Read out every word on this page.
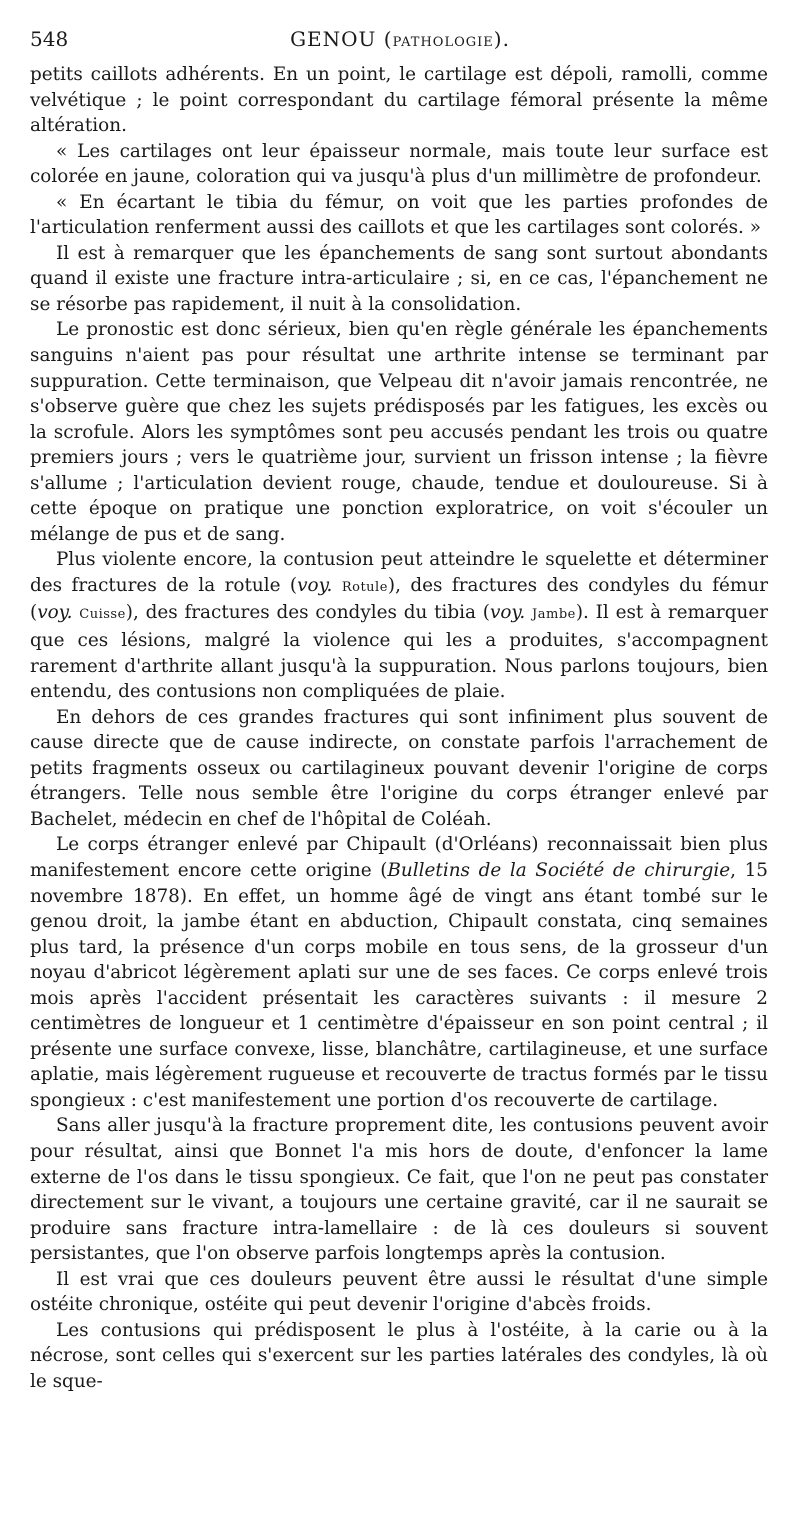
548	GENOU (PATHOLOGIE).

petits caillots adhérents. En un point, le cartilage est dépoli, ramolli, comme velvétique ; le point correspondant du cartilage fémoral présente la même altération.

« Les cartilages ont leur épaisseur normale, mais toute leur surface est colorée en jaune, coloration qui va jusqu'à plus d'un millimètre de profondeur.

« En écartant le tibia du fémur, on voit que les parties profondes de l'articulation renferment aussi des caillots et que les cartilages sont colorés. »

Il est à remarquer que les épanchements de sang sont surtout abondants quand il existe une fracture intra-articulaire ; si, en ce cas, l'épanchement ne se résorbe pas rapidement, il nuit à la consolidation.

Le pronostic est donc sérieux, bien qu'en règle générale les épanchements sanguins n'aient pas pour résultat une arthrite intense se terminant par suppuration. Cette terminaison, que Velpeau dit n'avoir jamais rencontrée, ne s'observe guère que chez les sujets prédisposés par les fatigues, les excès ou la scrofule. Alors les symptômes sont peu accusés pendant les trois ou quatre premiers jours ; vers le quatrième jour, survient un frisson intense ; la fièvre s'allume ; l'articulation devient rouge, chaude, tendue et douloureuse. Si à cette époque on pratique une ponction exploratrice, on voit s'écouler un mélange de pus et de sang.

Plus violente encore, la contusion peut atteindre le squelette et déterminer des fractures de la rotule (voy. Rotule), des fractures des condyles du fémur (voy. Cuisse), des fractures des condyles du tibia (voy. Jambe). Il est à remarquer que ces lésions, malgré la violence qui les a produites, s'accompagnent rarement d'arthrite allant jusqu'à la suppuration. Nous parlons toujours, bien entendu, des contusions non compliquées de plaie.

En dehors de ces grandes fractures qui sont infiniment plus souvent de cause directe que de cause indirecte, on constate parfois l'arrachement de petits fragments osseux ou cartilagineux pouvant devenir l'origine de corps étrangers. Telle nous semble être l'origine du corps étranger enlevé par Bachelet, médecin en chef de l'hôpital de Coléah.

Le corps étranger enlevé par Chipault (d'Orléans) reconnaissait bien plus manifestement encore cette origine (Bulletins de la Société de chirurgie, 15 novembre 1878). En effet, un homme âgé de vingt ans étant tombé sur le genou droit, la jambe étant en abduction, Chipault constata, cinq semaines plus tard, la présence d'un corps mobile en tous sens, de la grosseur d'un noyau d'abricot légèrement aplati sur une de ses faces. Ce corps enlevé trois mois après l'accident présentait les caractères suivants : il mesure 2 centimètres de longueur et 1 centimètre d'épaisseur en son point central ; il présente une surface convexe, lisse, blanchâtre, cartilagineuse, et une surface aplatie, mais légèrement rugueuse et recouverte de tractus formés par le tissu spongieux : c'est manifestement une portion d'os recouverte de cartilage.

Sans aller jusqu'à la fracture proprement dite, les contusions peuvent avoir pour résultat, ainsi que Bonnet l'a mis hors de doute, d'enfoncer la lame externe de l'os dans le tissu spongieux. Ce fait, que l'on ne peut pas constater directement sur le vivant, a toujours une certaine gravité, car il ne saurait se produire sans fracture intra-lamellaire : de là ces douleurs si souvent persistantes, que l'on observe parfois longtemps après la contusion.

Il est vrai que ces douleurs peuvent être aussi le résultat d'une simple ostéite chronique, ostéite qui peut devenir l'origine d'abcès froids.

Les contusions qui prédisposent le plus à l'ostéite, à la carie ou à la nécrose, sont celles qui s'exercent sur les parties latérales des condyles, là où le sque-
